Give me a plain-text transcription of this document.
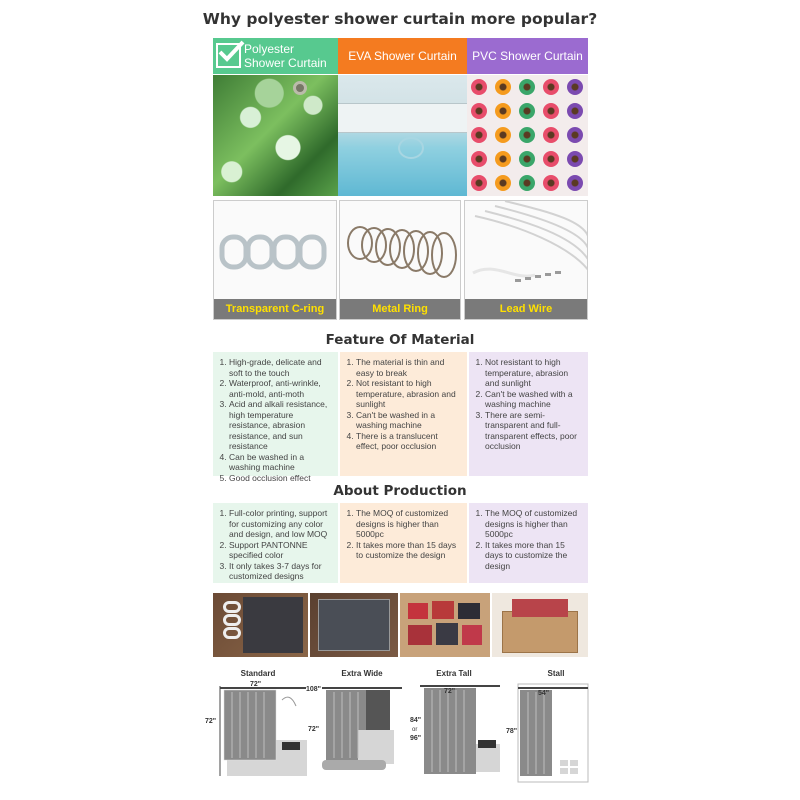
Why polyester shower curtain more popular?
Polyester Shower Curtain	EVA Shower Curtain PVC Shower Curtain
Transparent C-ring	Metal Ring	Lead Wire
Feature Of Material
1. High-grade, delicate and soft to the touch
2. Waterproof, anti-wrinkle, anti-mold, anti-moth
3. Acid and alkali resistance, high temperature resistance, abrasion resistance, and sun resistance
4. Can be washed in a washing machine
5. Good occlusion effect
1. The material is thin and easy to break
2. Not resistant to high temperature, abrasion and sunlight
3. Can't be washed in a washing machine
4. There is a translucent effect, poor occlusion
1. Not resistant to high temperature, abrasion and sunlight
2. Can't be washed with a washing machine
3. There are semi-transparent and full-transparent effects, poor occlusion
About Production
1. Full-color printing, support for customizing any color and design, and low MOQ
2. Support PANTONNE specified color
3. It only takes 3-7 days for customized designs
1. The MOQ of customized designs is higher than 5000pc
2. It takes more than 15 days to customize the design
1. The MOQ of customized designs is higher than 5000pc
2. It takes more than 15 days to customize the design
Standard	Extra Wide	Extra Tall	Stall
72"
72"
108"
72"
72"
84"
or
96"
54"
78"
